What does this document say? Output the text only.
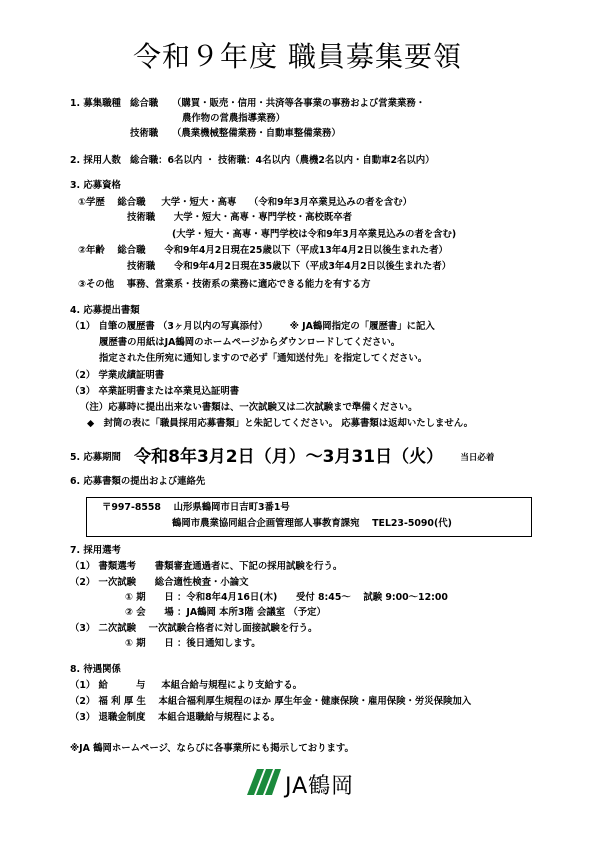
令和９年度 職員募集要領
1. 募集職種 総合職 （購買・販売・信用・共済等各事業の事務および営業業務・
農作物の営農指導業務）
技術職 （農業機械整備業務・自動車整備業務）
2. 採用人数 総合職：6名以内 ・ 技術職：4名以内（農機2名以内・自動車2名以内）
3. 応募資格
①学歴　 総合職 　 大学・短大・高専　 （令和9年3月卒業見込みの者を含む）
技術職　　大学・短大・高専・専門学校・高校既卒者
(大学・短大・高専・専門学校は令和9年3月卒業見込みの者を含む)
②年齢　 総合職　　令和9年4月2日現在25歳以下（平成13年4月2日以後生まれた者）
技術職　　令和9年4月2日現在35歳以下（平成3年4月2日以後生まれた者）
③その他　 事務、営業系・技術系の業務に適応できる能力を有する方
4. 応募提出書類
（1） 自筆の履歴書 （3ヶ月以内の写真添付） 　　※ JA鶴岡指定の「履歴書」に記入
履歴書の用紙はJA鶴岡のホームページからダウンロードしてください。
指定された住所宛に通知しますので必ず「通知送付先」を指定してください。
（2） 学業成績証明書
（3） 卒業証明書または卒業見込証明書
（注）応募時に提出出来ない書類は、一次試験又は二次試験まで準備ください。
◆　封筒の表に「職員採用応募書類」と朱記してください。 応募書類は返却いたしません。
5. 応募期間 令和8年3月2日（月）～3月31日（火） 当日必着
6. 応募書類の提出および連絡先
〒997-8558　 山形県鶴岡市日吉町3番1号
鶴岡市農業協同組合企画管理部人事教育課宛　 TEL23-5090(代)
7. 採用選考
（1） 書類選考　　書類審査通過者に、下記の採用試験を行う。
（2） 一次試験　　総合適性検査・小論文
① 期　　日 ：令和8年4月16日(木)　　受付 8:45～　 試験 9:00～12:00
② 会　　場 ：JA鶴岡 本所3階 会議室 （予定）
（3） 二次試験　 一次試験合格者に対し面接試験を行う。
① 期　　日 ：後日通知します。
8. 待遇関係
（1） 給　　　与 　 本組合給与規程により支給する。
（2） 福 利 厚 生　 本組合福利厚生規程のほか 厚生年金・健康保険・雇用保険・労災保険加入
（3） 退職金制度　 本組合退職給与規程による。
※JA 鶴岡ホームページ、ならびに各事業所にも掲示しております。
JA鶴岡
